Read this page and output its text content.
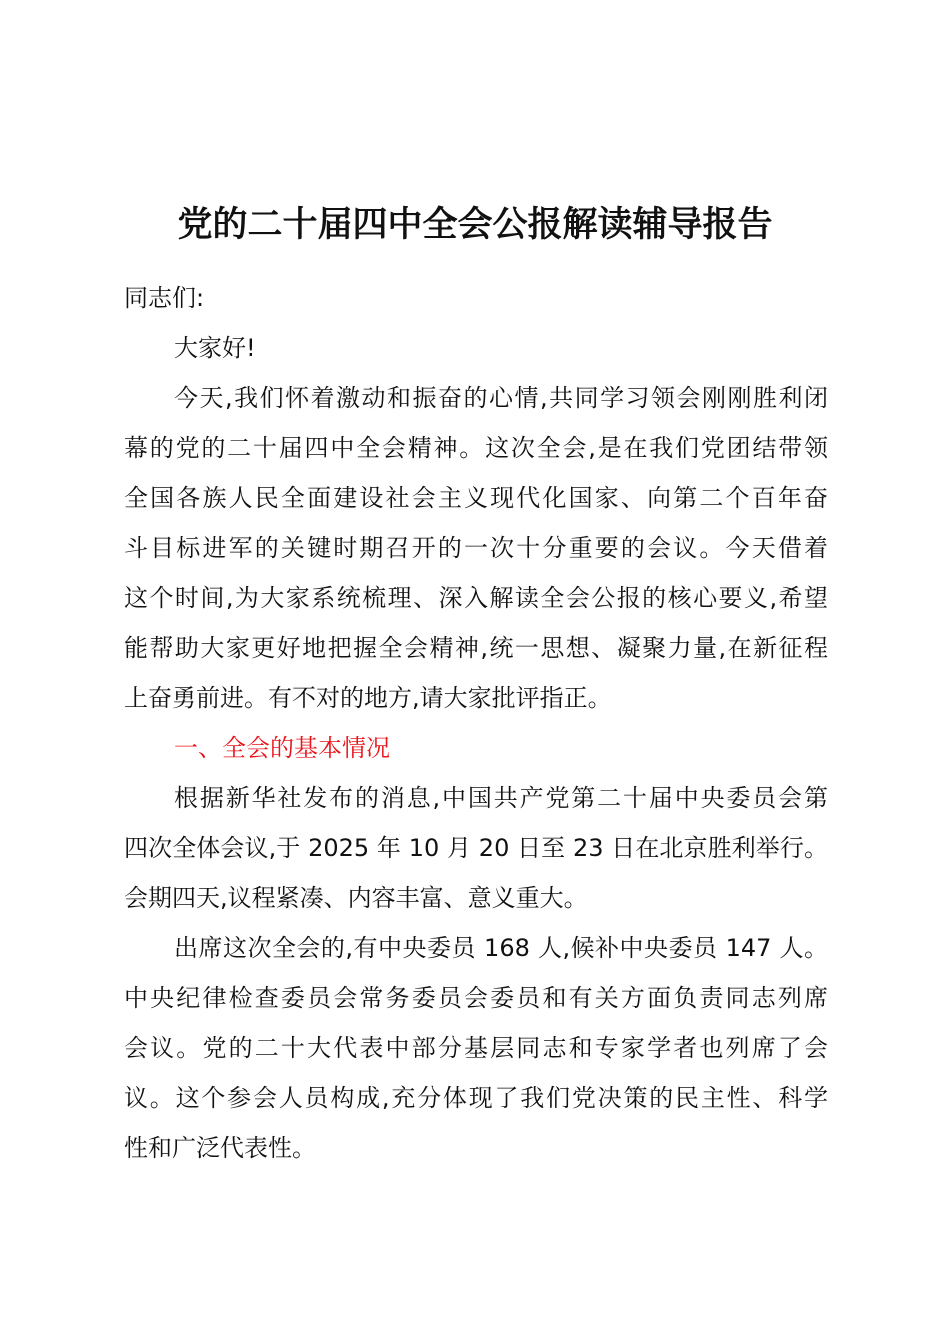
党的二十届四中全会公报解读辅导报告
同志们:
大家好!
今天,我们怀着激动和振奋的心情,共同学习领会刚刚胜利闭
幕的党的二十届四中全会精神。这次全会,是在我们党团结带领
全国各族人民全面建设社会主义现代化国家、向第二个百年奋
斗目标进军的关键时期召开的一次十分重要的会议。今天借着
这个时间,为大家系统梳理、深入解读全会公报的核心要义,希望
能帮助大家更好地把握全会精神,统一思想、凝聚力量,在新征程
上奋勇前进。有不对的地方,请大家批评指正。
一、全会的基本情况
根据新华社发布的消息,中国共产党第二十届中央委员会第
四次全体会议,于 2025 年 10 月 20 日至 23 日在北京胜利举行。
会期四天,议程紧凑、内容丰富、意义重大。
出席这次全会的,有中央委员 168 人,候补中央委员 147 人。
中央纪律检查委员会常务委员会委员和有关方面负责同志列席
会议。党的二十大代表中部分基层同志和专家学者也列席了会
议。这个参会人员构成,充分体现了我们党决策的民主性、科学
性和广泛代表性。
